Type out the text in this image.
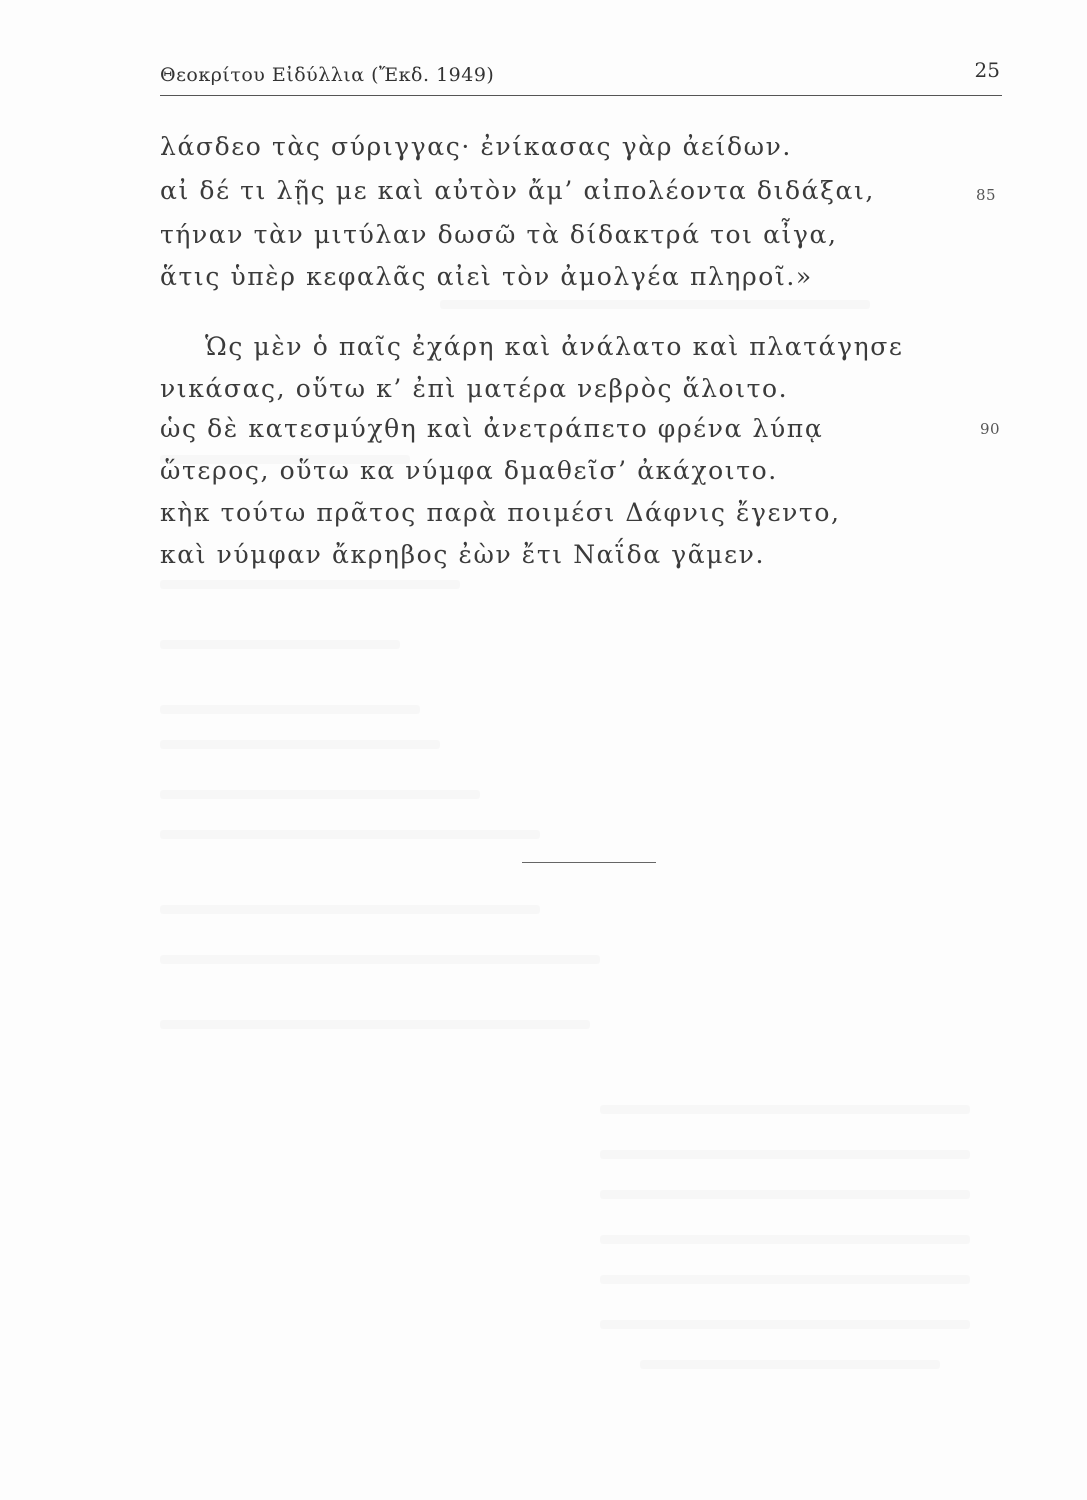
Θεοκρίτου Εἰδύλλια (Ἔκδ. 1949)	25
λάσδεο τὰς σύριγγας· ἐνίκασας γὰρ ἀείδων.
αἰ δέ τι λῇς με καὶ αὐτὸν ἄμ’ αἰπολέοντα διδάξαι,
τήναν τὰν μιτύλαν δωσῶ τὰ δίδακτρά τοι αἶγα,
ἅτις ὑπὲρ κεφαλᾶς αἰεὶ τὸν ἀμολγέα πληροῖ.»
85
Ὡς μὲν ὁ παῖς ἐχάρη καὶ ἀνάλατο καὶ πλατάγησε
νικάσας, οὕτω κ’ ἐπὶ ματέρα νεβρὸς ἅλοιτο.
ὡς δὲ κατεσμύχθη καὶ ἀνετράπετο φρένα λύπᾳ
ὥτερος, οὕτω κα νύμφα δμαθεῖσ’ ἀκάχοιτο.
κὴκ τούτω πρᾶτος παρὰ ποιμέσι Δάφνις ἔγεντο,
καὶ νύμφαν ἄκρηβος ἐὼν ἔτι Ναΐδα γᾶμεν.
90
